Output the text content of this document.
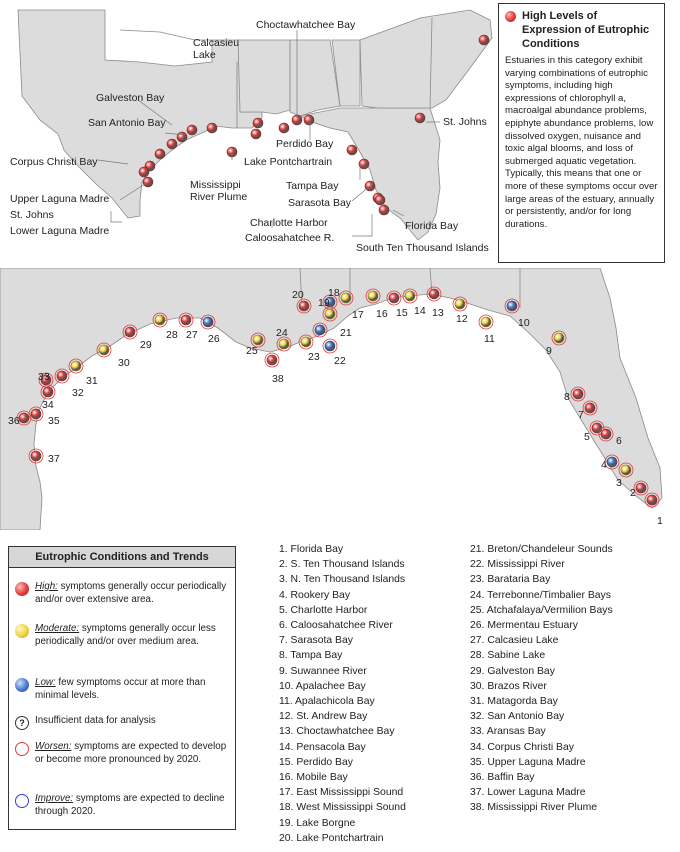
Choctawhatchee Bay
Calcasieu Lake
Perdido Bay
Galveston Bay
San Antonio Bay	St. Johns
Corpus Christi Bay	Lake Pontchartrain
Mississippi River Plume
Tampa Bay
Sarasota Bay
Upper Laguna Madre
St. Johns
Lower Laguna Madre
Charlotte Harbor
Caloosahatchee R.
Florida Bay
South Ten Thousand Islands
High Levels of Expression of Eutrophic Conditions
Estuaries in this category exhibit varying combinations of eutrophic symptoms, including high expressions of chlorophyll a, macroalgal abundance problems, epiphyte abundance problems, low dissolved oxygen, nuisance and toxic algal blooms, and loss of submerged aquatic vegetation. Typically, this means that one or more of these symptoms occur over large areas of the estuary, annually or persistently, and/or for long durations.
1
2
3
4
5 6
7
8
9
10
11
12
13
14
15
16
17
18
19
20
21
22
23
24
25
26
27
28
29
30
31
32
33
34
35
36
37
38
Eutrophic Conditions and Trends
High: symptoms generally occur periodically and/or over extensive area.
Moderate: symptoms generally occur less periodically and/or over medium area.
Low: few symptoms occur at more than minimal levels.
?	Insufficient data for analysis
Worsen: symptoms are expected to develop or become more pronounced by 2020.
Improve: symptoms are expected to decline through 2020.
1. Florida Bay
2. S. Ten Thousand Islands
3. N. Ten Thousand Islands
4. Rookery Bay
5. Charlotte Harbor
6. Caloosahatchee River
7. Sarasota Bay
8. Tampa Bay
9. Suwannee River
10. Apalachee Bay
11. Apalachicola Bay
12. St. Andrew Bay
13. Choctawhatchee Bay
14. Pensacola Bay
15. Perdido Bay
16. Mobile Bay
17. East Mississippi Sound
18. West Mississippi Sound
19. Lake Borgne
20. Lake Pontchartrain
21. Breton/Chandeleur Sounds
22. Mississippi River
23. Barataria Bay
24. Terrebonne/Timbalier Bays
25. Atchafalaya/Vermilion Bays
26. Mermentau Estuary
27. Calcasieu Lake
28. Sabine Lake
29. Galveston Bay
30. Brazos River
31. Matagorda Bay
32. San Antonio Bay
33. Aransas Bay
34. Corpus Christi Bay
35. Upper Laguna Madre
36. Baffin Bay
37. Lower Laguna Madre
38. Mississippi River Plume
